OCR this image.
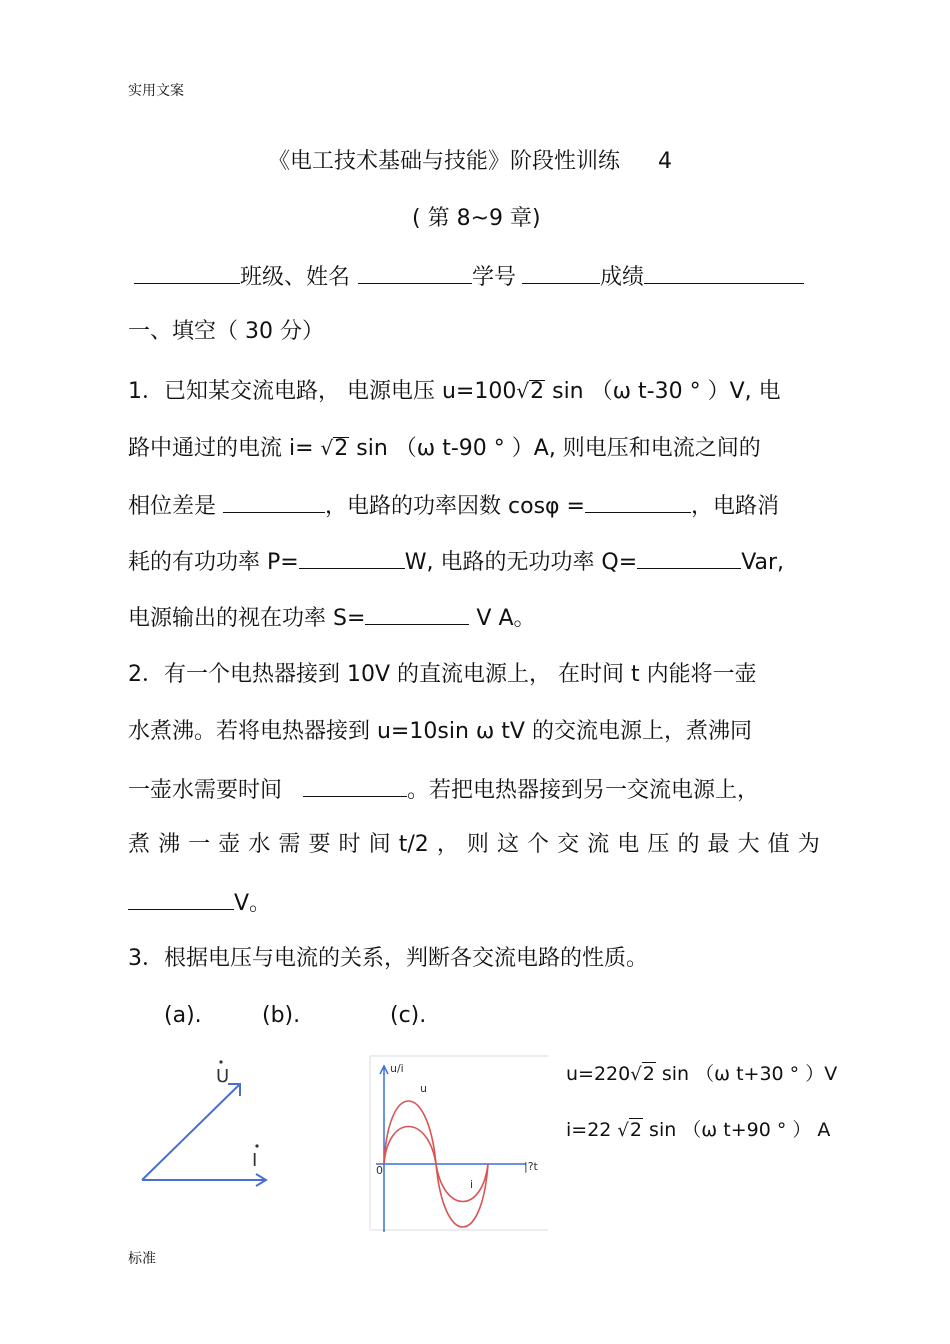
实用文案
标准
《电工技术基础与技能》阶段性训练 4
( 第 8~9 章)
班级、姓名	学号	成绩
一、填空（ 30 分）
1．已知某交流电路， 电源电压 u=100√2 sin （ω t-30 ° ）V, 电
路中通过的电流 i= √2 sin （ω t-90 ° ）A, 则电压和电流之间的
相位差是	，电路的功率因数 cosφ =	，电路消
耗的有功功率 P=	W, 电路的无功功率 Q=	Var,
电源输出的视在功率 S=	V A。
2．有一个电热器接到 10V 的直流电源上， 在时间 t 内能将一壶
水煮沸。若将电热器接到 u=10sin ω tV 的交流电源上，煮沸同
一壶水需要时间	。若把电热器接到另一交流电源上，
煮 沸 一 壶 水 需 要 时 间 t/2 ， 则 这 个 交 流 电 压 的 最 大 值 为
V。
3．根据电压与电流的关系，判断各交流电路的性质。
(a).	(b).	(c).
U
I
u/i
|?t
0
u
i
u=220√2 sin （ω t+30 ° ）V
i=22 √2 sin （ω t+90 ° ） A
